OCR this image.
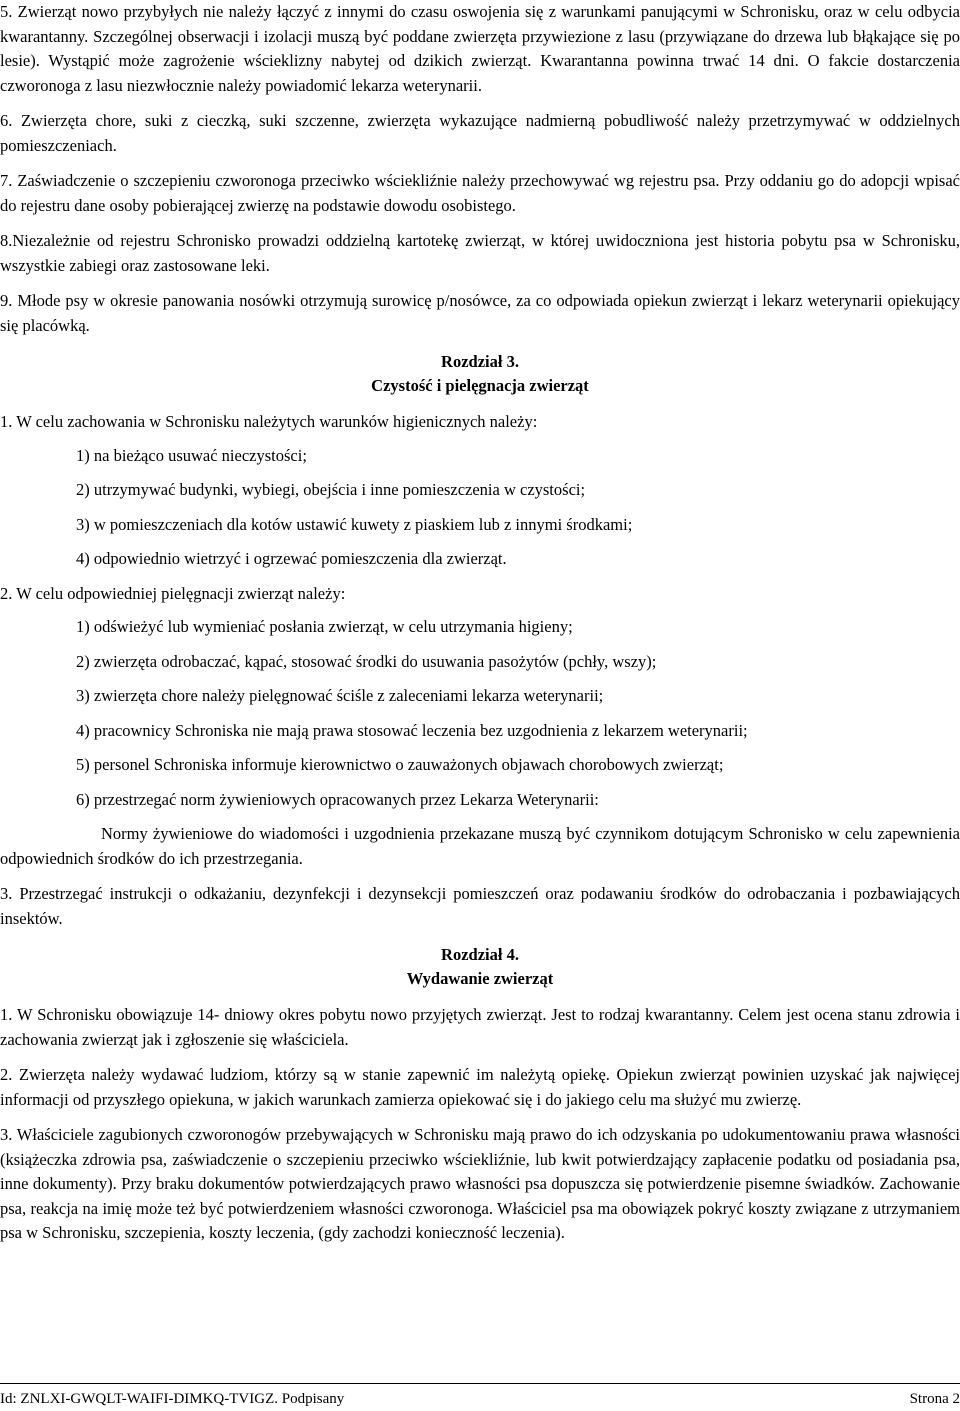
5. Zwierząt nowo przybyłych nie należy łączyć z innymi do czasu oswojenia się z warunkami panującymi w Schronisku, oraz w celu odbycia kwarantanny. Szczególnej obserwacji i izolacji muszą być poddane zwierzęta przywiezione z lasu (przywiązane do drzewa lub błąkające się po lesie). Wystąpić może zagrożenie wścieklizny nabytej od dzikich zwierząt. Kwarantanna powinna trwać 14 dni. O fakcie dostarczenia czworonoga z lasu niezwłocznie należy powiadomić lekarza weterynarii.

6. Zwierzęta chore, suki z cieczką, suki szczenne, zwierzęta wykazujące nadmierną pobudliwość należy przetrzymywać w oddzielnych pomieszczeniach.

7. Zaświadczenie o szczepieniu czworonoga przeciwko wściekliźnie należy przechowywać wg rejestru psa. Przy oddaniu go do adopcji wpisać do rejestru dane osoby pobierającej zwierzę na podstawie dowodu osobistego.

8.Niezależnie od rejestru Schronisko prowadzi oddzielną kartotekę zwierząt, w której uwidoczniona jest historia pobytu psa w Schronisku, wszystkie zabiegi oraz zastosowane leki.

9. Młode psy w okresie panowania nosówki otrzymują surowicę p/nosówce, za co odpowiada opiekun zwierząt i lekarz weterynarii opiekujący się placówką.

Rozdział 3.
Czystość i pielęgnacja zwierząt

1. W celu zachowania w Schronisku należytych warunków higienicznych należy:

1) na bieżąco usuwać nieczystości;
2) utrzymywać budynki, wybiegi, obejścia i inne pomieszczenia w czystości;
3) w pomieszczeniach dla kotów ustawić kuwety z piaskiem lub z innymi środkami;
4) odpowiednio wietrzyć i ogrzewać pomieszczenia dla zwierząt.

2. W celu odpowiedniej pielęgnacji zwierząt należy:

1) odświeżyć lub wymieniać posłania zwierząt, w celu utrzymania higieny;
2) zwierzęta odrobaczać, kąpać, stosować środki do usuwania pasożytów (pchły, wszy);
3) zwierzęta chore należy pielęgnować ściśle z zaleceniami lekarza weterynarii;
4) pracownicy Schroniska nie mają prawa stosować leczenia bez uzgodnienia z lekarzem weterynarii;
5) personel Schroniska informuje kierownictwo o zauważonych objawach chorobowych zwierząt;
6) przestrzegać norm żywieniowych opracowanych przez Lekarza Weterynarii:

Normy żywieniowe do wiadomości i uzgodnienia przekazane muszą być czynnikom dotującym Schronisko w celu zapewnienia odpowiednich środków do ich przestrzegania.

3. Przestrzegać instrukcji o odkażaniu, dezynfekcji i dezynsekcji pomieszczeń oraz podawaniu środków do odrobaczania i pozbawiających insektów.

Rozdział 4.
Wydawanie zwierząt

1. W Schronisku obowiązuje 14- dniowy okres pobytu nowo przyjętych zwierząt. Jest to rodzaj kwarantanny. Celem jest ocena stanu zdrowia i zachowania zwierząt jak i zgłoszenie się właściciela.

2. Zwierzęta należy wydawać ludziom, którzy są w stanie zapewnić im należytą opiekę. Opiekun zwierząt powinien uzyskać jak najwięcej informacji od przyszłego opiekuna, w jakich warunkach zamierza opiekować się i do jakiego celu ma służyć mu zwierzę.

3. Właściciele zagubionych czworonogów przebywających w Schronisku mają prawo do ich odzyskania po udokumentowaniu prawa własności (książeczka zdrowia psa, zaświadczenie o szczepieniu przeciwko wściekliźnie, lub kwit potwierdzający zapłacenie podatku od posiadania psa, inne dokumenty). Przy braku dokumentów potwierdzających prawo własności psa dopuszcza się potwierdzenie pisemne świadków. Zachowanie psa, reakcja na imię może też być potwierdzeniem własności czworonoga. Właściciel psa ma obowiązek pokryć koszty związane z utrzymaniem psa w Schronisku, szczepienia, koszty leczenia, (gdy zachodzi konieczność leczenia).

Id: ZNLXI-GWQLT-WAIFI-DIMKQ-TVIGZ. Podpisany	Strona 2
